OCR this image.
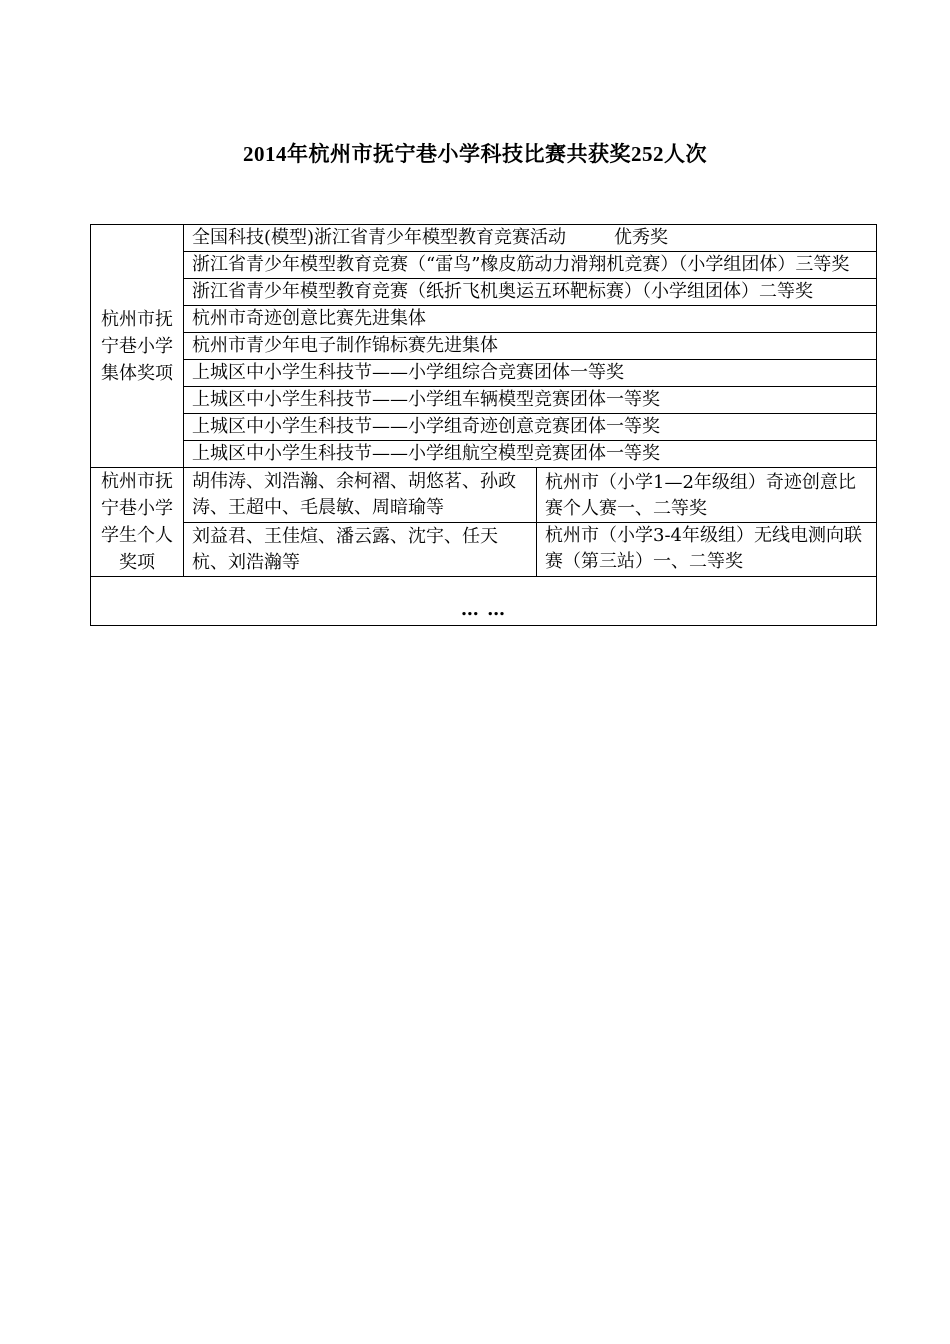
2014年杭州市抚宁巷小学科技比赛共获奖252人次
杭州市抚宁巷小学集体奖项	全国科技(模型)浙江省青少年模型教育竞赛活动 优秀奖	
	浙江省青少年模型教育竞赛（“雷鸟”橡皮筋动力滑翔机竞赛）（小学组团体）三等奖	
	浙江省青少年模型教育竞赛（纸折飞机奥运五环靶标赛）（小学组团体）二等奖	
	杭州市奇迹创意比赛先进集体	
	杭州市青少年电子制作锦标赛先进集体	
	上城区中小学生科技节——小学组综合竞赛团体一等奖	
	上城区中小学生科技节——小学组车辆模型竞赛团体一等奖	
	上城区中小学生科技节——小学组奇迹创意竞赛团体一等奖	
	上城区中小学生科技节——小学组航空模型竞赛团体一等奖	
杭州市抚宁巷小学学生个人奖项	胡伟涛、刘浩瀚、余柯褶、胡悠茗、孙政涛、王超中、毛晨敏、周暗瑜等	杭州市（小学1—2年级组）奇迹创意比赛个人赛一、二等奖
	刘益君、王佳煊、潘云露、沈宇、任天杭、刘浩瀚等	杭州市（小学3-4年级组）无线电测向联赛（第三站）一、二等奖
… …		
